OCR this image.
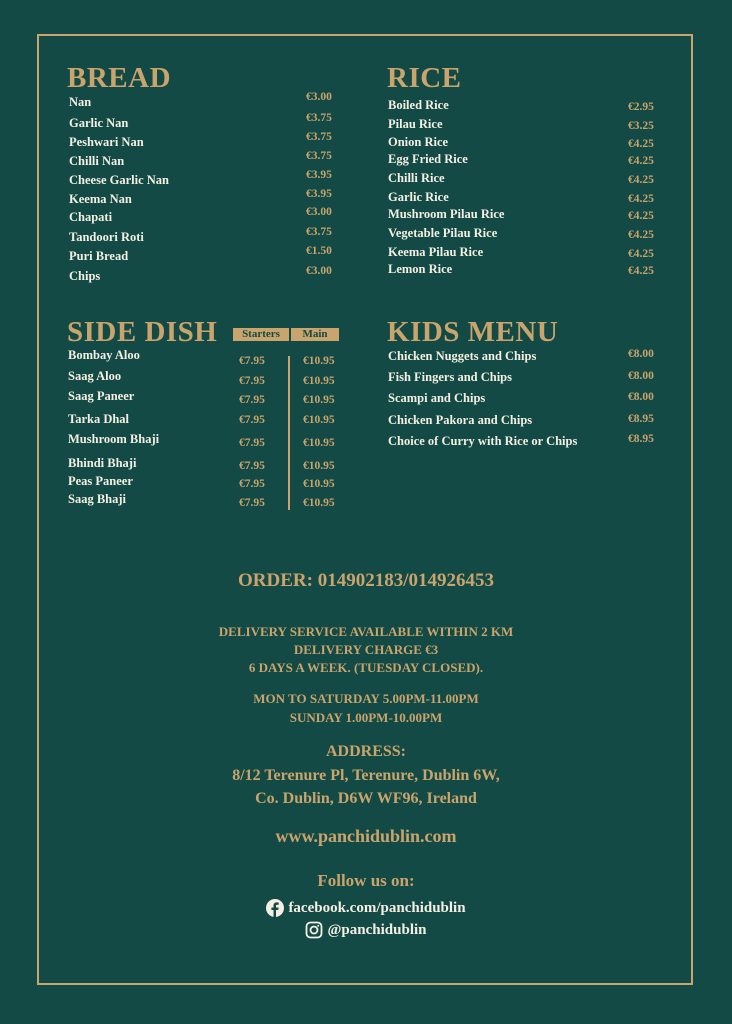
BREAD
Nan	€3.00
Garlic Nan	€3.75
Peshwari Nan	€3.75
Chilli Nan	€3.75
Cheese Garlic Nan	€3.95
Keema Nan	€3.95
Chapati	€3.00
Tandoori Roti	€3.75
Puri Bread	€1.50
Chips	€3.00
RICE
Boiled Rice	€2.95
Pilau Rice	€3.25
Onion Rice	€4.25
Egg Fried Rice	€4.25
Chilli Rice	€4.25
Garlic Rice	€4.25
Mushroom Pilau Rice	€4.25
Vegetable Pilau Rice	€4.25
Keema Pilau Rice	€4.25
Lemon Rice	€4.25
SIDE DISH	Starters	Main
Bombay Aloo	€7.95	€10.95
Saag Aloo	€7.95	€10.95
Saag Paneer	€7.95	€10.95
Tarka Dhal	€7.95	€10.95
Mushroom Bhaji	€7.95	€10.95
Bhindi Bhaji	€7.95	€10.95
Peas Paneer	€7.95	€10.95
Saag Bhaji	€7.95	€10.95
KIDS MENU
Chicken Nuggets and Chips	€8.00
Fish Fingers and Chips	€8.00
Scampi and Chips	€8.00
Chicken Pakora and Chips	€8.95
Choice of Curry with Rice or Chips	€8.95
ORDER: 014902183/014926453
DELIVERY SERVICE AVAILABLE WITHIN 2 KM
DELIVERY CHARGE €3
6 DAYS A WEEK. (TUESDAY CLOSED).
MON TO SATURDAY 5.00PM-11.00PM
SUNDAY 1.00PM-10.00PM
ADDRESS:
8/12 Terenure Pl, Terenure, Dublin 6W,
Co. Dublin, D6W WF96, Ireland
www.panchidublin.com
Follow us on:
facebook.com/panchidublin
@panchidublin
